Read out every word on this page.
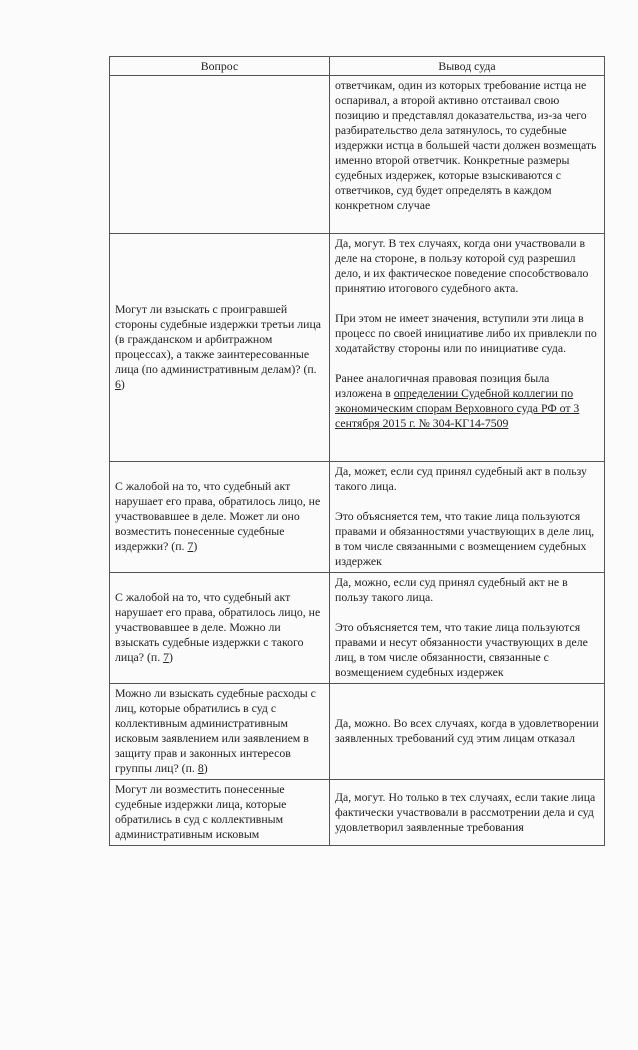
Вопрос	Вывод суда

	ответчикам, один из которых требование истца не оспаривал, а второй активно отстаивал свою позицию и представлял доказательства, из-за чего разбирательство дела затянулось, то судебные издержки истца в большей части должен возмещать именно второй ответчик. Конкретные размеры судебных издержек, которые взыскиваются с ответчиков, суд будет определять в каждом конкретном случае

Могут ли взыскать с проигравшей стороны судебные издержки третьи лица (в гражданском и арбитражном процессах), а также заинтересованные лица (по административным делам)? (п. 6)	Да, могут. В тех случаях, когда они участвовали в деле на стороне, в пользу которой суд разрешил дело, и их фактическое поведение способствовало принятию итогового судебного акта.

При этом не имеет значения, вступили эти лица в процесс по своей инициативе либо их привлекли по ходатайству стороны или по инициативе суда.

Ранее аналогичная правовая позиция была изложена в определении Судебной коллегии по экономическим спорам Верховного суда РФ от 3 сентября 2015 г. № 304-КГ14-7509

С жалобой на то, что судебный акт нарушает его права, обратилось лицо, не участвовавшее в деле. Может ли оно возместить понесенные судебные издержки? (п. 7)	Да, может, если суд принял судебный акт в пользу такого лица.

Это объясняется тем, что такие лица пользуются правами и обязанностями участвующих в деле лиц, в том числе связанными с возмещением судебных издержек

С жалобой на то, что судебный акт нарушает его права, обратилось лицо, не участвовавшее в деле. Можно ли взыскать судебные издержки с такого лица? (п. 7)	Да, можно, если суд принял судебный акт не в пользу такого лица.

Это объясняется тем, что такие лица пользуются правами и несут обязанности участвующих в деле лиц, в том числе обязанности, связанные с возмещением судебных издержек

Можно ли взыскать судебные расходы с лиц, которые обратились в суд с коллективным административным исковым заявлением или заявлением в защиту прав и законных интересов группы лиц? (п. 8)	Да, можно. Во всех случаях, когда в удовлетворении заявленных требований суд этим лицам отказал

Могут ли возместить понесенные судебные издержки лица, которые обратились в суд с коллективным административным исковым	Да, могут. Но только в тех случаях, если такие лица фактически участвовали в рассмотрении дела и суд удовлетворил заявленные требования
